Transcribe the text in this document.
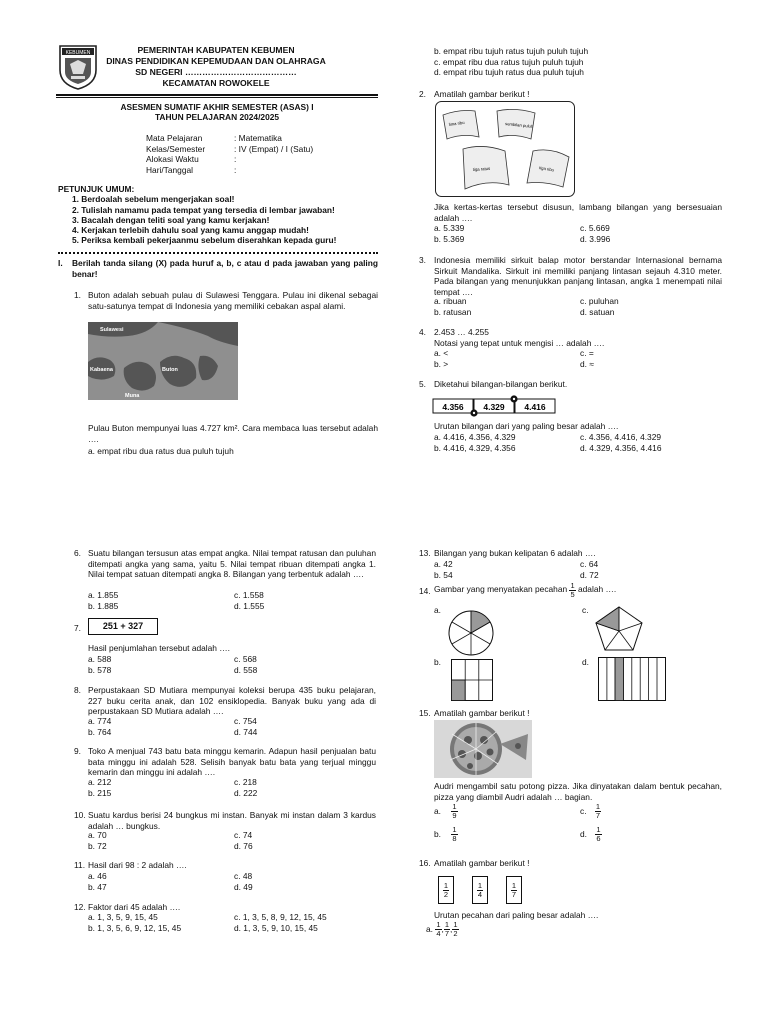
KEBUMEN	PEMERINTAH KABUPATEN KEBUMEN
DINAS PENDIDIKAN KEPEMUDAAN DAN OLAHRAGA
SD NEGERI …………………………………
KECAMATAN ROWOKELE
ASESMEN SUMATIF AKHIR SEMESTER (ASAS) I
TAHUN PELAJARAN 2024/2025
Mata Pelajaran	: Matematika
Kelas/Semester	: IV (Empat) / I (Satu)
Alokasi Waktu	:
Hari/Tanggal	:
PETUNJUK UMUM:
1. Berdoalah sebelum mengerjakan soal!
2. Tulislah namamu pada tempat yang tersedia di lembar jawaban!
3. Bacalah dengan teliti soal yang kamu kerjakan!
4. Kerjakan terlebih dahulu soal yang kamu anggap mudah!
5. Periksa kembali pekerjaanmu sebelum diserahkan kepada guru!
I.	Berilah tanda silang (X) pada huruf a, b, c atau d pada jawaban yang paling benar!
1. Buton adalah sebuah pulau di Sulawesi Tenggara. Pulau ini dikenal sebagai satu-satunya tempat di Indonesia yang memiliki cebakan aspal alami.
Sulawesi
Kabaena	Buton
Muna
Pulau Buton mempunyai luas 4.727 km². Cara membaca luas tersebut adalah ….
a. empat ribu dua ratus dua puluh tujuh
b. empat ribu tujuh ratus tujuh puluh tujuh
c. empat ribu dua ratus tujuh puluh tujuh
d. empat ribu tujuh ratus dua puluh tujuh
2. Amatilah gambar berikut !
lima ribu	sembilan puluh
tiga ratus	tiga ribu
Jika kertas-kertas tersebut disusun, lambang bilangan yang bersesuaian adalah ….
a. 5.339	c. 5.669
b. 5.369	d. 3.996
3. Indonesia memiliki sirkuit balap motor berstandar Internasional bernama Sirkuit Mandalika. Sirkuit ini memiliki panjang lintasan sejauh 4.310 meter. Pada bilangan yang menunjukkan panjang lintasan, angka 1 menempati nilai tempat ….
a. ribuan	c. puluhan
b. ratusan	d. satuan
4. 2.453 … 4.255
Notasi yang tepat untuk mengisi … adalah ….
a. <	c. =
b. >	d. ≈
5. Diketahui bilangan-bilangan berikut.
4.356 4.329 4.416
Urutan bilangan dari yang paling besar adalah ….
a. 4.416, 4.356, 4.329	c. 4.356, 4.416, 4.329
b. 4.416, 4.329, 4.356	d. 4.329, 4.356, 4.416
6. Suatu bilangan tersusun atas empat angka. Nilai tempat ratusan dan puluhan ditempati angka yang sama, yaitu 5. Nilai tempat ribuan ditempati angka 1. Nilai tempat satuan ditempati angka 8. Bilangan yang terbentuk adalah ….
a. 1.855	c. 1.558
b. 1.885	d. 1.555
7.	251 + 327
Hasil penjumlahan tersebut adalah ….
a. 588	c. 568
b. 578	d. 558
8. Perpustakaan SD Mutiara mempunyai koleksi berupa 435 buku pelajaran, 227 buku cerita anak, dan 102 ensiklopedia. Banyak buku yang ada di perpustakaan SD Mutiara adalah ….
a. 774	c. 754
b. 764	d. 744
9. Toko A menjual 743 batu bata minggu kemarin. Adapun hasil penjualan batu bata minggu ini adalah 528. Selisih banyak batu bata yang terjual minggu kemarin dan minggu ini adalah ….
a. 212	c. 218
b. 215	d. 222
10. Suatu kardus berisi 24 bungkus mi instan. Banyak mi instan dalam 3 kardus adalah … bungkus.
a. 70	c. 74
b. 72	d. 76
11. Hasil dari 98 : 2 adalah ….
a. 46	c. 48
b. 47	d. 49
12. Faktor dari 45 adalah ….
a. 1, 3, 5, 9, 15, 45	c. 1, 3, 5, 8, 9, 12, 15, 45
b. 1, 3, 5, 6, 9, 12, 15, 45	d. 1, 3, 5, 9, 10, 15, 45
13. Bilangan yang bukan kelipatan 6 adalah ….
a. 42	c. 64
b. 54	d. 72
14. Gambar yang menyatakan pecahan $\frac{1}{5}$ adalah ….
a.	c.
b.	d.
15. Amatilah gambar berikut !
Audri mengambil satu potong pizza. Jika dinyatakan dalam bentuk pecahan, pizza yang diambil Audri adalah … bagian.
a. $\frac{1}{9}$	c. $\frac{1}{7}$
b. $\frac{1}{8}$	d. $\frac{1}{6}$
16. Amatilah gambar berikut !
$\frac{1}{2}$	$\frac{1}{4}$	$\frac{1}{7}$
Urutan pecahan dari paling besar adalah ….
a. $\frac{1}{4}$ , $\frac{1}{7}$ , $\frac{1}{2}$
